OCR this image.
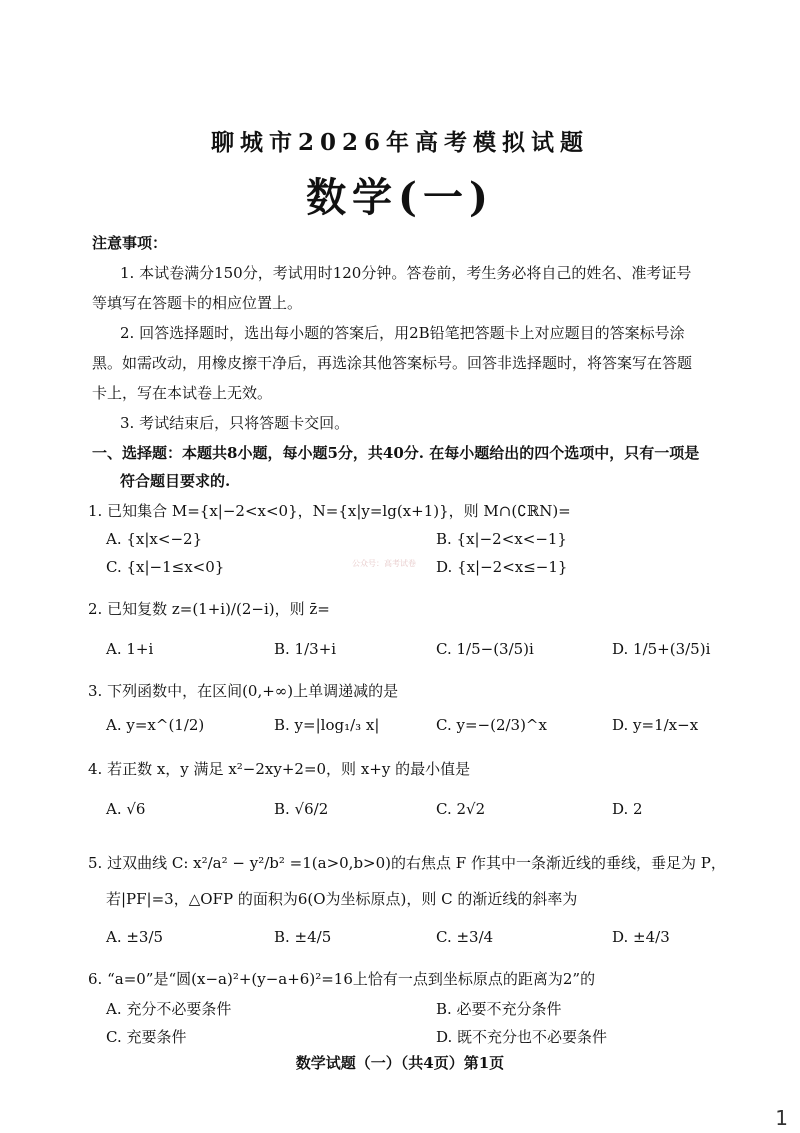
聊城市2026年高考模拟试题
数学(一)
注意事项：
1. 本试卷满分150分，考试用时120分钟。答卷前，考生务必将自己的姓名、准考证号
等填写在答题卡的相应位置上。
2. 回答选择题时，选出每小题的答案后，用2B铅笔把答题卡上对应题目的答案标号涂
黑。如需改动，用橡皮擦干净后，再选涂其他答案标号。回答非选择题时，将答案写在答题
卡上，写在本试卷上无效。
3. 考试结束后，只将答题卡交回。
一、选择题：本题共8小题，每小题5分，共40分. 在每小题给出的四个选项中，只有一项是
符合题目要求的.
1. 已知集合 M={x|−2<x<0}，N={x|y=lg(x+1)}，则 M∩(∁ℝN)=
A. {x|x<−2}	B. {x|−2<x<−1}
C. {x|−1≤x<0}	D. {x|−2<x≤−1}
公众号：高考试卷
2. 已知复数 z=(1+i)/(2−i)，则 z̄=
A. 1+i	B. 1/3+i	C. 1/5−(3/5)i	D. 1/5+(3/5)i
3. 下列函数中，在区间(0,+∞)上单调递减的是
A. y=x^(1/2)	B. y=|log₁/₃ x|	C. y=−(2/3)^x	D. y=1/x−x
4. 若正数 x，y 满足 x²−2xy+2=0，则 x+y 的最小值是
A. √6	B. √6/2	C. 2√2	D. 2
5. 过双曲线 C: x²/a² − y²/b² =1(a>0,b>0)的右焦点 F 作其中一条渐近线的垂线，垂足为 P，
若|PF|=3，△OFP 的面积为6(O为坐标原点)，则 C 的渐近线的斜率为
A. ±3/5	B. ±4/5	C. ±3/4	D. ±4/3
6. “a=0”是“圆(x−a)²+(y−a+6)²=16上恰有一点到坐标原点的距离为2”的
A. 充分不必要条件	B. 必要不充分条件
C. 充要条件	D. 既不充分也不必要条件
数学试题（一）（共4页）第1页
1
